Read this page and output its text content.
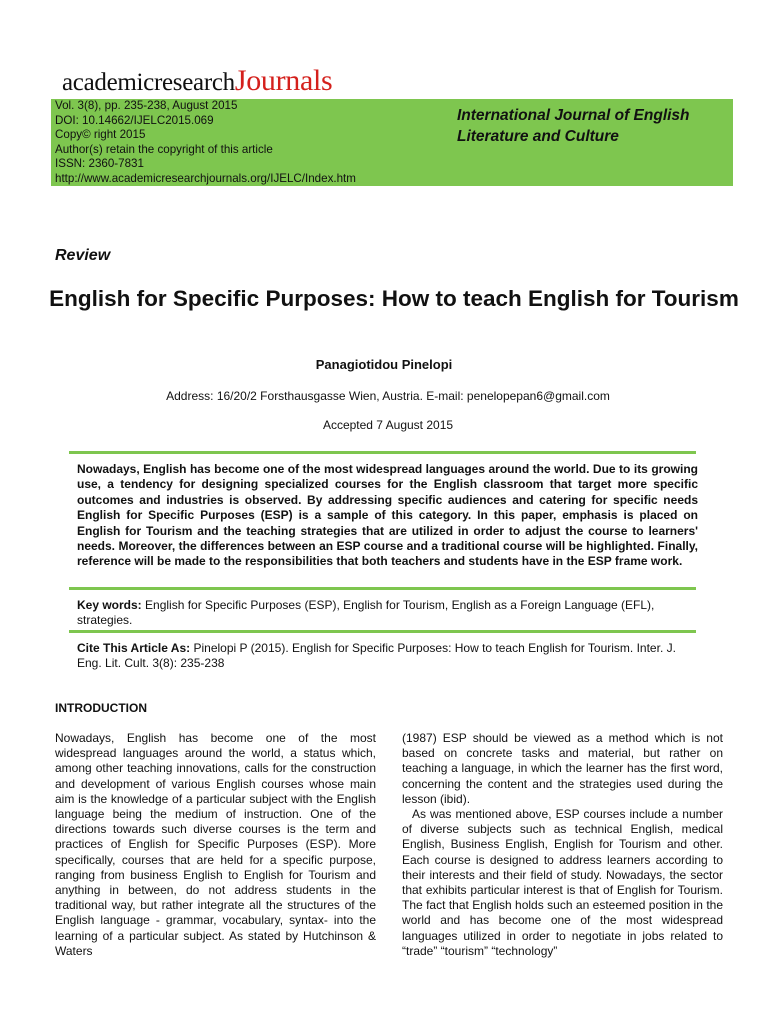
academicresearchJournals
Vol. 3(8), pp. 235-238, August 2015
DOI: 10.14662/IJELC2015.069
Copy© right 2015
Author(s) retain the copyright of this article
ISSN: 2360-7831
http://www.academicresearchjournals.org/IJELC/Index.htm
International Journal of English Literature and Culture
Review
English for Specific Purposes: How to teach English for Tourism
Panagiotidou Pinelopi
Address: 16/20/2 Forsthausgasse Wien, Austria. E-mail: penelopepan6@gmail.com
Accepted 7 August 2015

Nowadays, English has become one of the most widespread languages around the world. Due to its growing use, a tendency for designing specialized courses for the English classroom that target more specific outcomes and industries is observed. By addressing specific audiences and catering for specific needs English for Specific Purposes (ESP) is a sample of this category. In this paper, emphasis is placed on English for Tourism and the teaching strategies that are utilized in order to adjust the course to learners' needs. Moreover, the differences between an ESP course and a traditional course will be highlighted. Finally, reference will be made to the responsibilities that both teachers and students have in the ESP frame work.

Key words: English for Specific Purposes (ESP), English for Tourism, English as a Foreign Language (EFL), strategies.

Cite This Article As: Pinelopi P (2015). English for Specific Purposes: How to teach English for Tourism. Inter. J. Eng. Lit. Cult. 3(8): 235-238

INTRODUCTION

Nowadays, English has become one of the most widespread languages around the world, a status which, among other teaching innovations, calls for the construction and development of various English courses whose main aim is the knowledge of a particular subject with the English language being the medium of instruction. One of the directions towards such diverse courses is the term and practices of English for Specific Purposes (ESP). More specifically, courses that are held for a specific purpose, ranging from business English to English for Tourism and anything in between, do not address students in the traditional way, but rather integrate all the structures of the English language - grammar, vocabulary, syntax- into the learning of a particular subject. As stated by Hutchinson & Waters

(1987) ESP should be viewed as a method which is not based on concrete tasks and material, but rather on teaching a language, in which the learner has the first word, concerning the content and the strategies used during the lesson (ibid).

As was mentioned above, ESP courses include a number of diverse subjects such as technical English, medical English, Business English, English for Tourism and other. Each course is designed to address learners according to their interests and their field of study. Nowadays, the sector that exhibits particular interest is that of English for Tourism. The fact that English holds such an esteemed position in the world and has become one of the most widespread languages utilized in order to negotiate in jobs related to “trade” “tourism” “technology”
